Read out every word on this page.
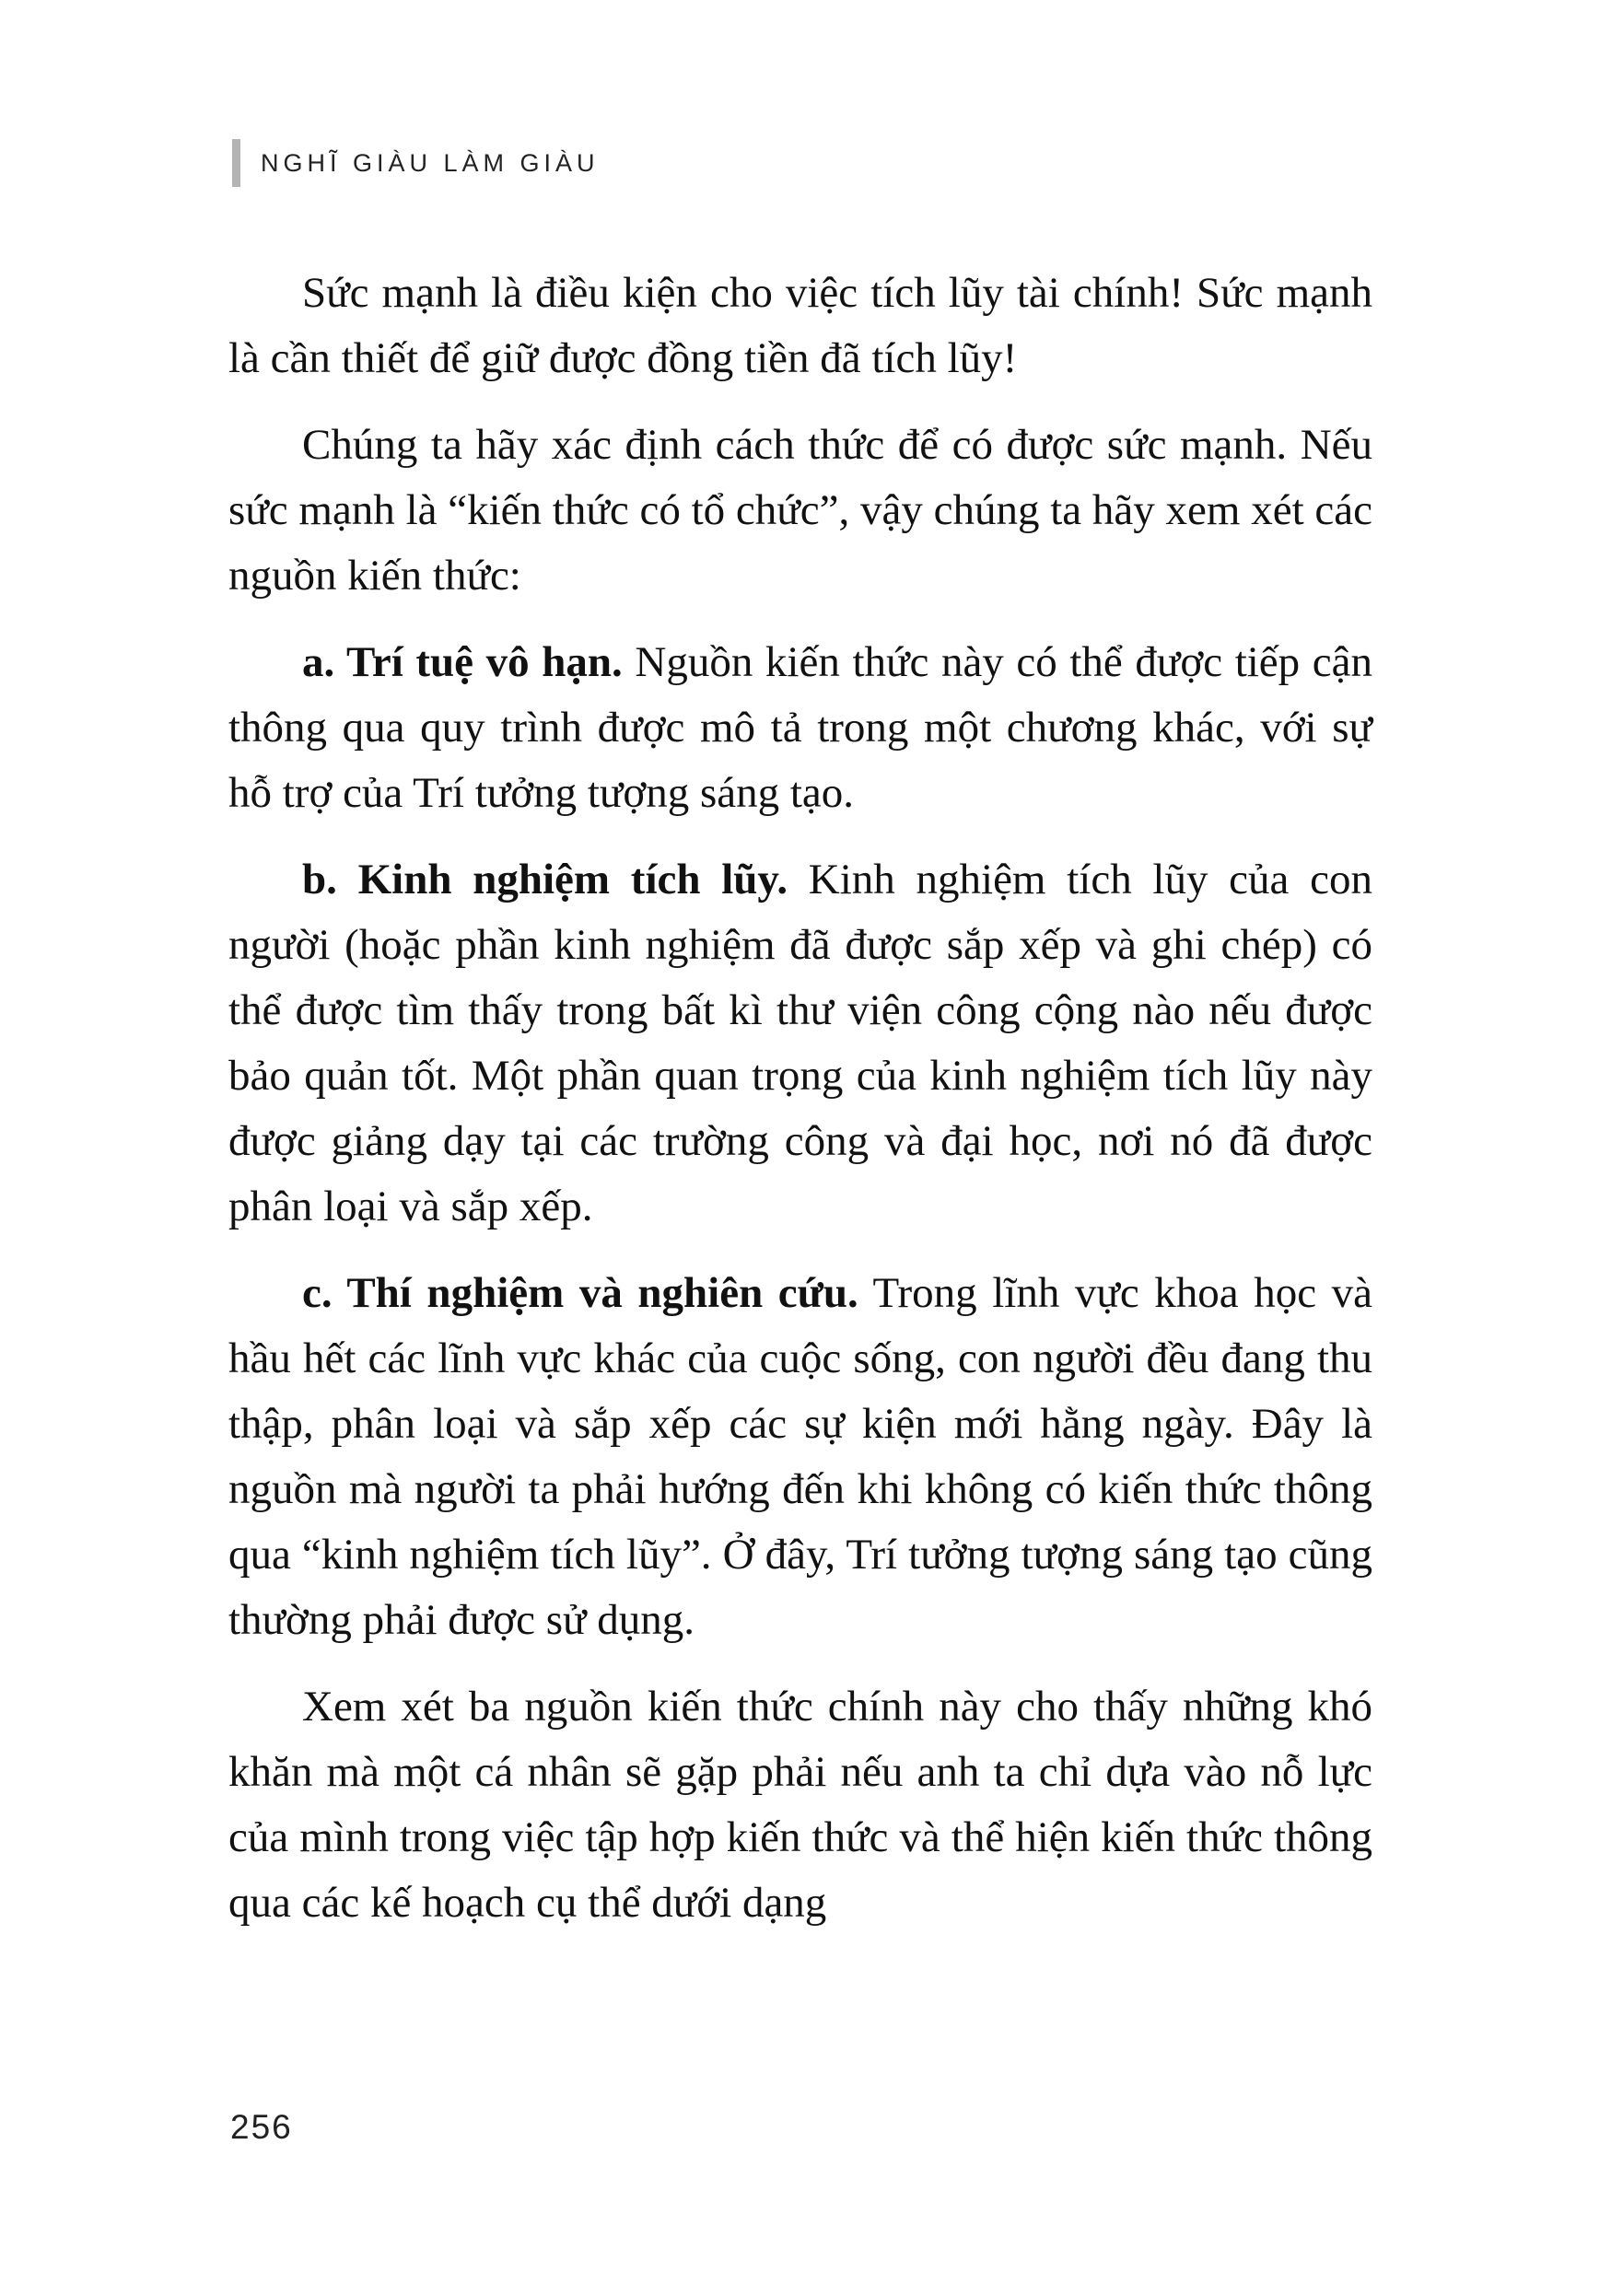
NGHĨ GIÀU LÀM GIÀU

Sức mạnh là điều kiện cho việc tích lũy tài chính! Sức mạnh là cần thiết để giữ được đồng tiền đã tích lũy!

Chúng ta hãy xác định cách thức để có được sức mạnh. Nếu sức mạnh là “kiến thức có tổ chức”, vậy chúng ta hãy xem xét các nguồn kiến thức:

a. Trí tuệ vô hạn. Nguồn kiến thức này có thể được tiếp cận thông qua quy trình được mô tả trong một chương khác, với sự hỗ trợ của Trí tưởng tượng sáng tạo.

b. Kinh nghiệm tích lũy. Kinh nghiệm tích lũy của con người (hoặc phần kinh nghiệm đã được sắp xếp và ghi chép) có thể được tìm thấy trong bất kì thư viện công cộng nào nếu được bảo quản tốt. Một phần quan trọng của kinh nghiệm tích lũy này được giảng dạy tại các trường công và đại học, nơi nó đã được phân loại và sắp xếp.

c. Thí nghiệm và nghiên cứu. Trong lĩnh vực khoa học và hầu hết các lĩnh vực khác của cuộc sống, con người đều đang thu thập, phân loại và sắp xếp các sự kiện mới hằng ngày. Đây là nguồn mà người ta phải hướng đến khi không có kiến thức thông qua “kinh nghiệm tích lũy”. Ở đây, Trí tưởng tượng sáng tạo cũng thường phải được sử dụng.

Xem xét ba nguồn kiến thức chính này cho thấy những khó khăn mà một cá nhân sẽ gặp phải nếu anh ta chỉ dựa vào nỗ lực của mình trong việc tập hợp kiến thức và thể hiện kiến thức thông qua các kế hoạch cụ thể dưới dạng

256
